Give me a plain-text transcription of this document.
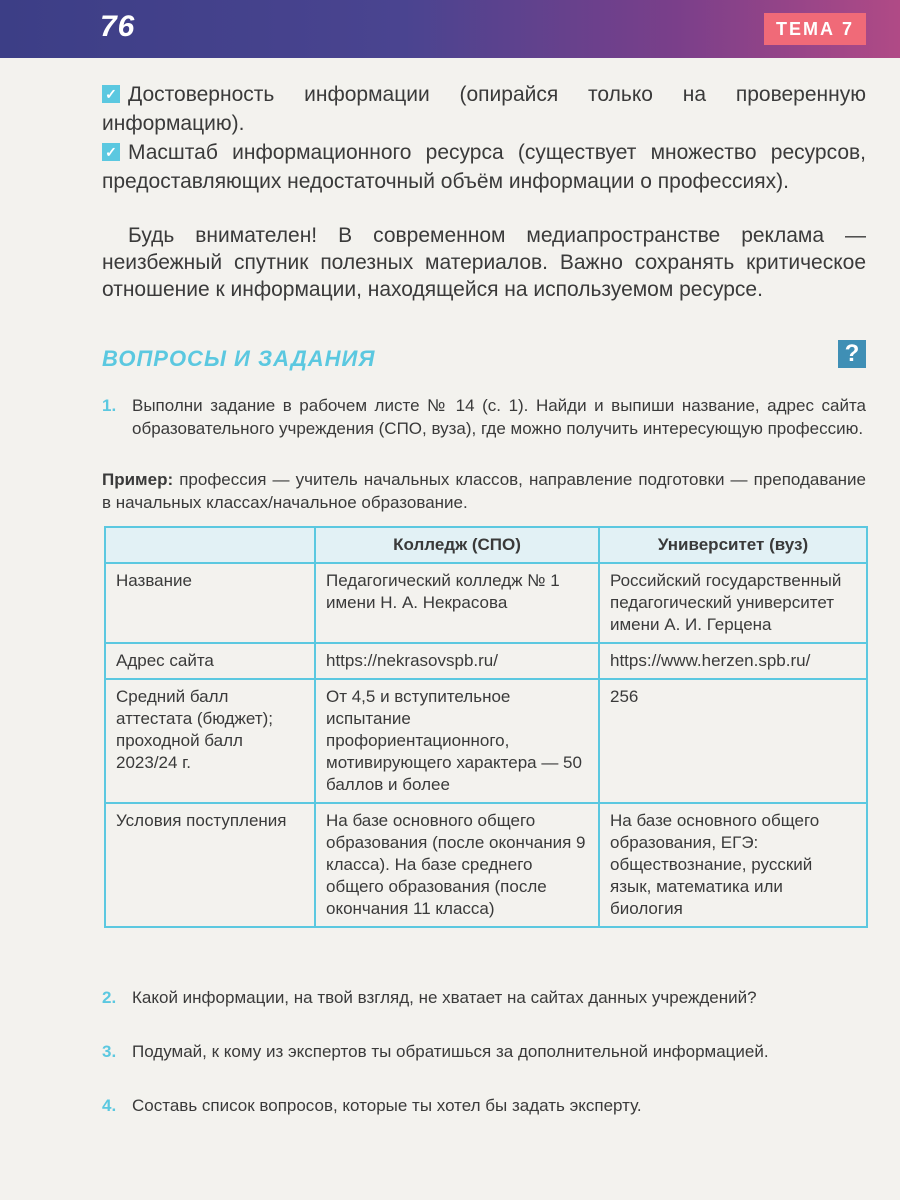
76	ТЕМА 7
✓ Достоверность информации (опирайся только на проверенную информацию).
✓ Масштаб информационного ресурса (существует множество ресурсов, предоставляющих недостаточный объём информации о профессиях).
Будь внимателен! В современном медиапространстве реклама — неизбежный спутник полезных материалов. Важно сохранять критическое отношение к информации, находящейся на используемом ресурсе.
ВОПРОСЫ И ЗАДАНИЯ	?
1. Выполни задание в рабочем листе № 14 (с. 1). Найди и выпиши название, адрес сайта образовательного учреждения (СПО, вуза), где можно получить интересующую профессию.
Пример: профессия — учитель начальных классов, направление подготовки — преподавание в начальных классах/начальное образование.
	Колледж (СПО)	Университет (вуз)
Название	Педагогический колледж № 1 имени Н. А. Некрасова	Российский государственный педагогический университет имени А. И. Герцена
Адрес сайта	https://nekrasovspb.ru/	https://www.herzen.spb.ru/
Средний балл аттестата (бюджет); проходной балл 2023/24 г.	От 4,5 и вступительное испытание профориентационного, мотивирующего характера — 50 баллов и более	256
Условия поступления	На базе основного общего образования (после окончания 9 класса). На базе среднего общего образования (после окончания 11 класса)	На базе основного общего образования, ЕГЭ: обществознание, русский язык, математика или биология
2. Какой информации, на твой взгляд, не хватает на сайтах данных учреждений?
3. Подумай, к кому из экспертов ты обратишься за дополнительной информацией.
4. Составь список вопросов, которые ты хотел бы задать эксперту.
